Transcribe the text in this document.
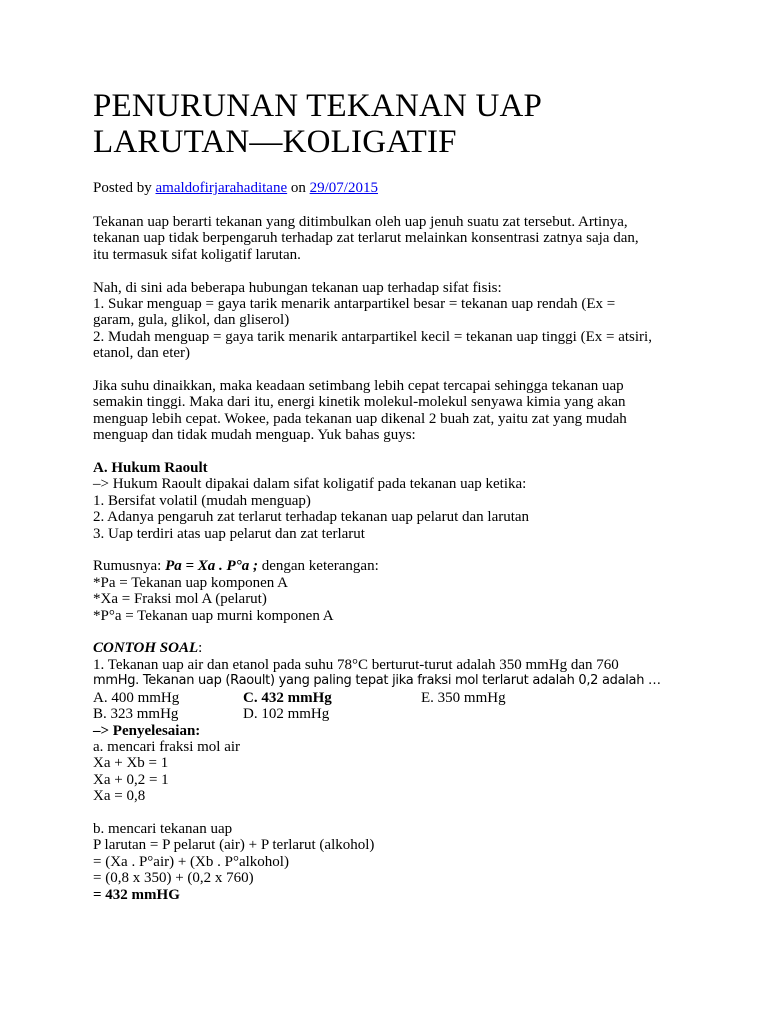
PENURUNAN TEKANAN UAP
LARUTAN—KOLIGATIF
Posted by amaldofirjarahaditane on 29/07/2015

Tekanan uap berarti tekanan yang ditimbulkan oleh uap jenuh suatu zat tersebut. Artinya,

tekanan uap tidak berpengaruh terhadap zat terlarut melainkan konsentrasi zatnya saja dan,

itu termasuk sifat koligatif larutan.

Nah, di sini ada beberapa hubungan tekanan uap terhadap sifat fisis:

1. Sukar menguap = gaya tarik menarik antarpartikel besar = tekanan uap rendah (Ex =

garam, gula, glikol, dan gliserol)

2. Mudah menguap = gaya tarik menarik antarpartikel kecil = tekanan uap tinggi (Ex = atsiri,

etanol, dan eter)

Jika suhu dinaikkan, maka keadaan setimbang lebih cepat tercapai sehingga tekanan uap

semakin tinggi. Maka dari itu, energi kinetik molekul-molekul senyawa kimia yang akan

menguap lebih cepat. Wokee, pada tekanan uap dikenal 2 buah zat, yaitu zat yang mudah

menguap dan tidak mudah menguap. Yuk bahas guys:

A. Hukum Raoult

–> Hukum Raoult dipakai dalam sifat koligatif pada tekanan uap ketika:

1. Bersifat volatil (mudah menguap)

2. Adanya pengaruh zat terlarut terhadap tekanan uap pelarut dan larutan

3. Uap terdiri atas uap pelarut dan zat terlarut

Rumusnya: Pa = Xa . P°a ; dengan keterangan:

*Pa = Tekanan uap komponen A

*Xa = Fraksi mol A (pelarut)

*P°a = Tekanan uap murni komponen A

CONTOH SOAL:

1. Tekanan uap air dan etanol pada suhu 78°C berturut-turut adalah 350 mmHg dan 760

mmHg. Tekanan uap (Raoult) yang paling tepat jika fraksi mol terlarut adalah 0,2 adalah …

A. 400 mmHg	C. 432 mmHg	E. 350 mmHg
B. 323 mmHg	D. 102 mmHg

–> Penyelesaian:

a. mencari fraksi mol air

Xa + Xb = 1

Xa + 0,2 = 1

Xa = 0,8

b. mencari tekanan uap

P larutan = P pelarut (air) + P terlarut (alkohol)

= (Xa . P°air) + (Xb . P°alkohol)

= (0,8 x 350) + (0,2 x 760)

= 432 mmHG
